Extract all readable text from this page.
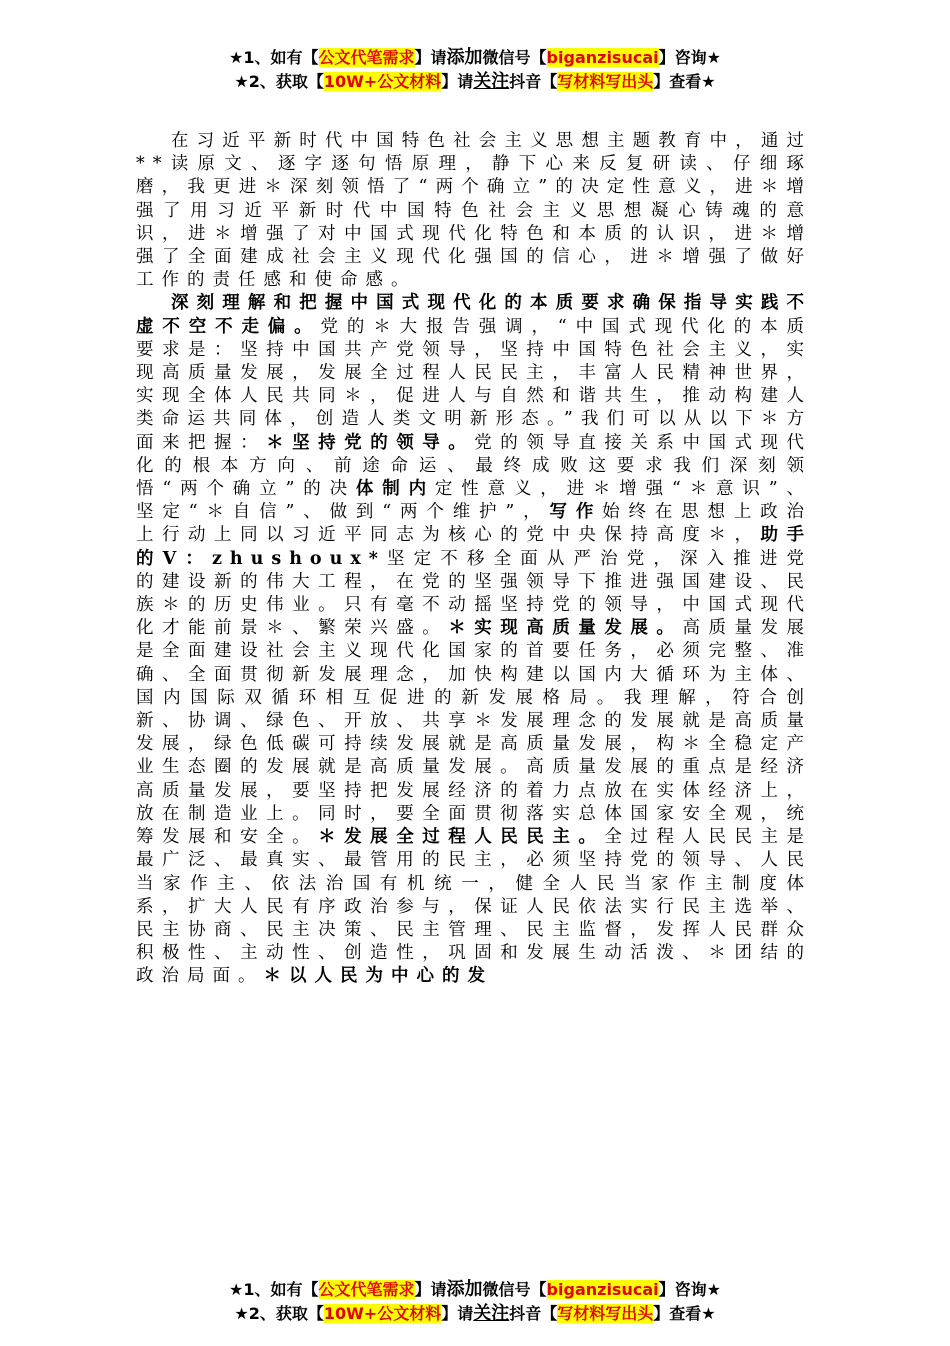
★1、如有【公文代笔需求】请添加微信号【biganzisucai】咨询★
★2、获取【10W+公文材料】请关注抖音【写材料写出头】查看★

在习近平新时代中国特色社会主义思想主题教育中，通过**读原文、逐字逐句悟原理，静下心来反复研读、仔细琢磨，我更进＊深刻领悟了“两个确立”的决定性意义，进＊增强了用习近平新时代中国特色社会主义思想凝心铸魂的意识，进＊增强了对中国式现代化特色和本质的认识，进＊增强了全面建成社会主义现代化强国的信心，进＊增强了做好工作的责任感和使命感。

深刻理解和把握中国式现代化的本质要求确保指导实践不虚不空不走偏。党的＊大报告强调，“中国式现代化的本质要求是：坚持中国共产党领导，坚持中国特色社会主义，实现高质量发展，发展全过程人民民主，丰富人民精神世界，实现全体人民共同＊，促进人与自然和谐共生，推动构建人类命运共同体，创造人类文明新形态。”我们可以从以下＊方面来把握：＊坚持党的领导。党的领导直接关系中国式现代化的根本方向、前途命运、最终成败这要求我们深刻领悟“两个确立”的决体制内定性意义，进＊增强“＊意识”、坚定“＊自信”、做到“两个维护”，写作始终在思想上政治上行动上同以习近平同志为核心的党中央保持高度＊，助手的V：zhushoux*坚定不移全面从严治党，深入推进党的建设新的伟大工程，在党的坚强领导下推进强国建设、民族＊的历史伟业。只有毫不动摇坚持党的领导，中国式现代化才能前景＊、繁荣兴盛。＊实现高质量发展。高质量发展是全面建设社会主义现代化国家的首要任务，必须完整、准确、全面贯彻新发展理念，加快构建以国内大循环为主体、国内国际双循环相互促进的新发展格局。我理解，符合创新、协调、绿色、开放、共享＊发展理念的发展就是高质量发展，绿色低碳可持续发展就是高质量发展，构＊全稳定产业生态圈的发展就是高质量发展。高质量发展的重点是经济高质量发展，要坚持把发展经济的着力点放在实体经济上，放在制造业上。同时，要全面贯彻落实总体国家安全观，统筹发展和安全。＊发展全过程人民民主。全过程人民民主是最广泛、最真实、最管用的民主，必须坚持党的领导、人民当家作主、依法治国有机统一，健全人民当家作主制度体系，扩大人民有序政治参与，保证人民依法实行民主选举、民主协商、民主决策、民主管理、民主监督，发挥人民群众积极性、主动性、创造性，巩固和发展生动活泼、＊团结的政治局面。＊以人民为中心的发

★1、如有【公文代笔需求】请添加微信号【biganzisucai】咨询★
★2、获取【10W+公文材料】请关注抖音【写材料写出头】查看★
